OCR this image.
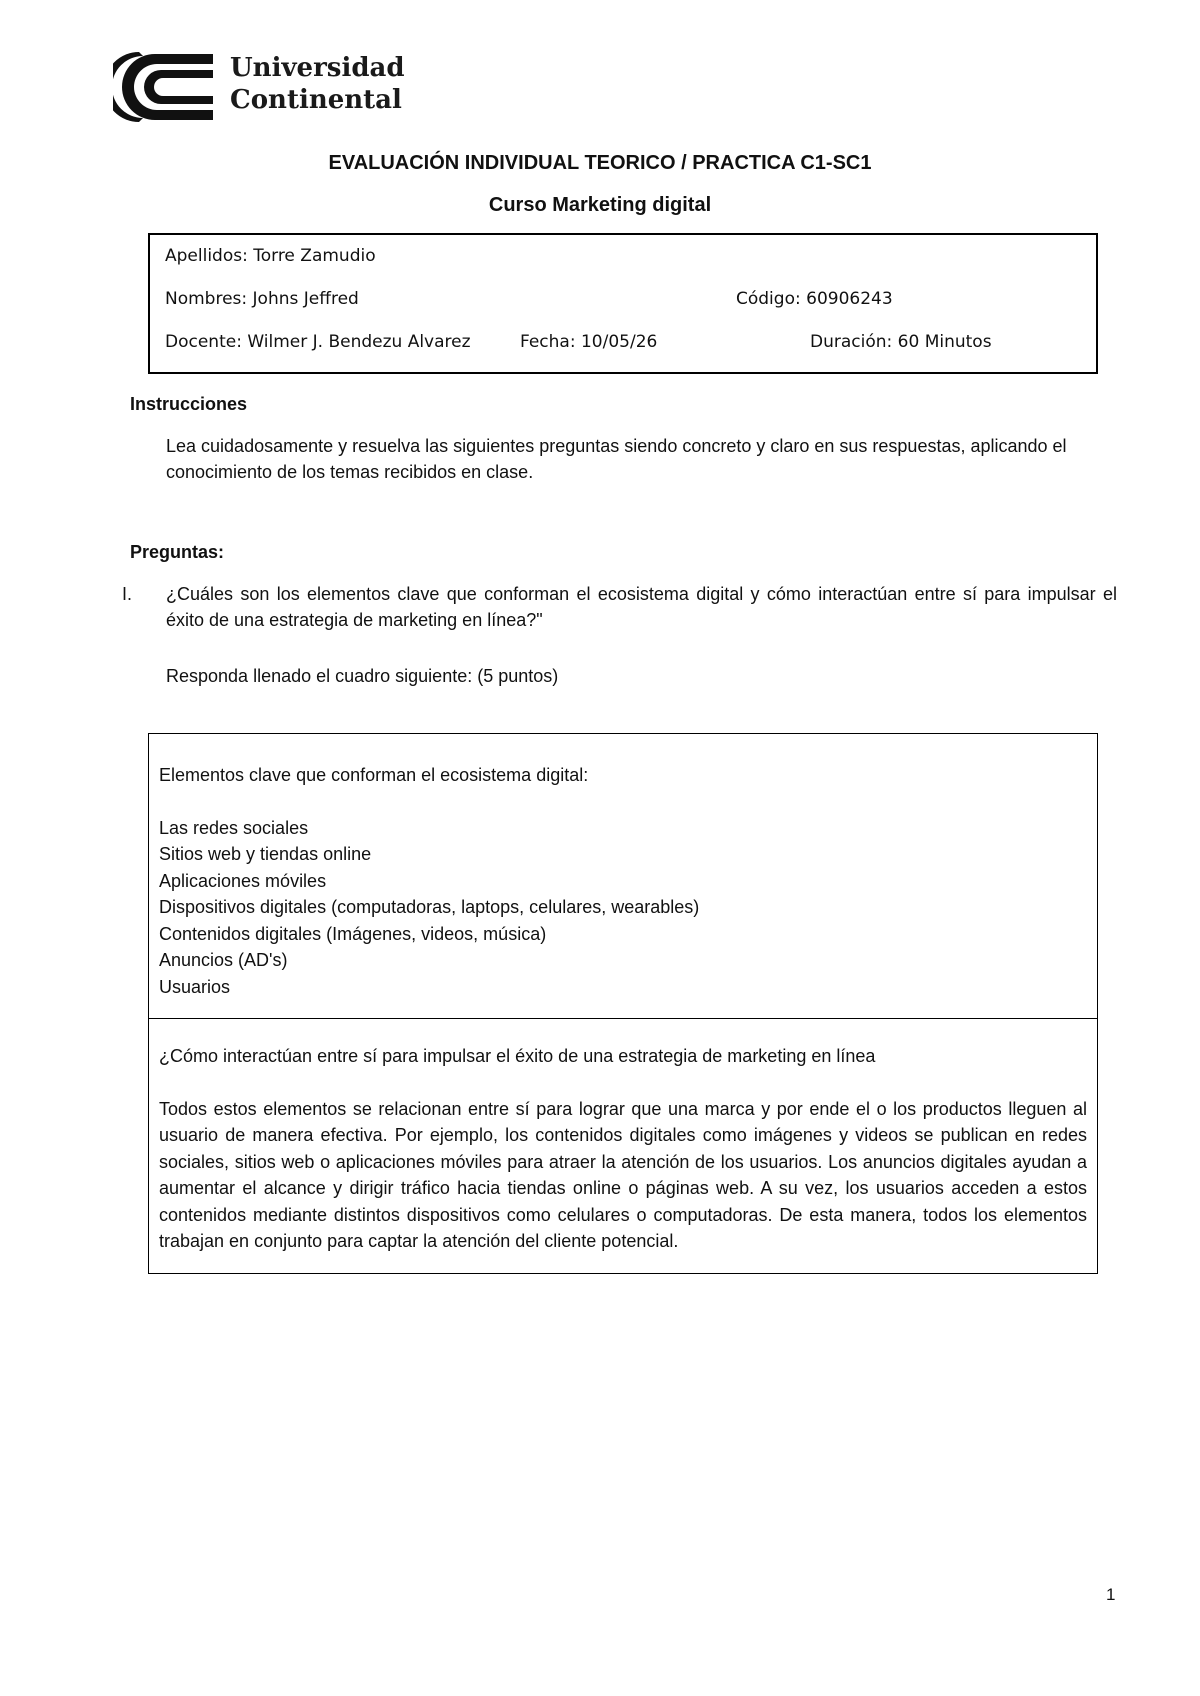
Universidad
Continental
EVALUACIÓN INDIVIDUAL TEORICO / PRACTICA C1-SC1
Curso Marketing digital
Apellidos: Torre Zamudio
Nombres: Johns Jeffred	Código: 60906243
Docente: Wilmer J. Bendezu Alvarez	Fecha: 10/05/26	Duración: 60 Minutos
Instrucciones
Lea cuidadosamente y resuelva las siguientes preguntas siendo concreto y claro en sus respuestas, aplicando el conocimiento de los temas recibidos en clase.
Preguntas:
I. ¿Cuáles son los elementos clave que conforman el ecosistema digital y cómo interactúan entre sí para impulsar el éxito de una estrategia de marketing en línea?"
Responda llenado el cuadro siguiente: (5 puntos)

Elementos clave que conforman el ecosistema digital:

Las redes sociales
Sitios web y tiendas online
Aplicaciones móviles
Dispositivos digitales (computadoras, laptops, celulares, wearables)
Contenidos digitales (Imágenes, videos, música)
Anuncios (AD's)
Usuarios

¿Cómo interactúan entre sí para impulsar el éxito de una estrategia de marketing en línea

Todos estos elementos se relacionan entre sí para lograr que una marca y por ende el o los productos lleguen al usuario de manera efectiva. Por ejemplo, los contenidos digitales como imágenes y videos se publican en redes sociales, sitios web o aplicaciones móviles para atraer la atención de los usuarios. Los anuncios digitales ayudan a aumentar el alcance y dirigir tráfico hacia tiendas online o páginas web. A su vez, los usuarios acceden a estos contenidos mediante distintos dispositivos como celulares o computadoras. De esta manera, todos los elementos trabajan en conjunto para captar la atención del cliente potencial.

1
